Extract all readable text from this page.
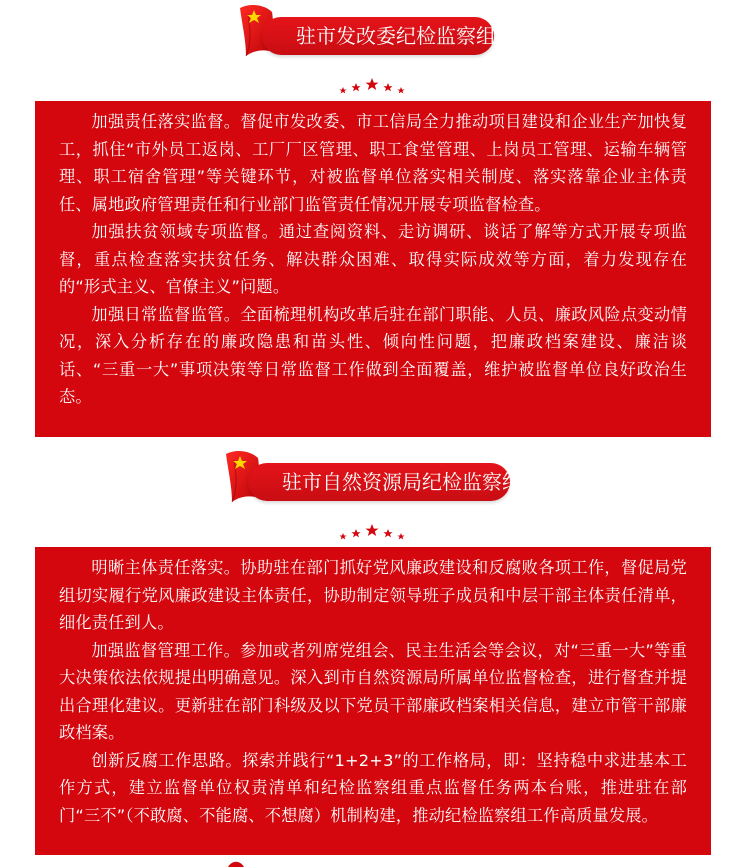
驻市发改委纪检监察组

加强责任落实监督。督促市发改委、市工信局全力推动项目建设和企业生产加快复工，抓住“市外员工返岗、工厂厂区管理、职工食堂管理、上岗员工管理、运输车辆管理、职工宿舍管理”等关键环节，对被监督单位落实相关制度、落实落靠企业主体责任、属地政府管理责任和行业部门监管责任情况开展专项监督检查。

加强扶贫领域专项监督。通过查阅资料、走访调研、谈话了解等方式开展专项监督，重点检查落实扶贫任务、解决群众困难、取得实际成效等方面，着力发现存在的“形式主义、官僚主义”问题。

加强日常监督监管。全面梳理机构改革后驻在部门职能、人员、廉政风险点变动情况，深入分析存在的廉政隐患和苗头性、倾向性问题，把廉政档案建设、廉洁谈话、“三重一大”事项决策等日常监督工作做到全面覆盖，维护被监督单位良好政治生态。

驻市自然资源局纪检监察组

明晰主体责任落实。协助驻在部门抓好党风廉政建设和反腐败各项工作，督促局党组切实履行党风廉政建设主体责任，协助制定领导班子成员和中层干部主体责任清单，细化责任到人。

加强监督管理工作。参加或者列席党组会、民主生活会等会议，对“三重一大”等重大决策依法依规提出明确意见。深入到市自然资源局所属单位监督检查，进行督查并提出合理化建议。更新驻在部门科级及以下党员干部廉政档案相关信息，建立市管干部廉政档案。

创新反腐工作思路。探索并践行“1+2+3”的工作格局，即：坚持稳中求进基本工作方式，建立监督单位权责清单和纪检监察组重点监督任务两本台账，推进驻在部门“三不”（不敢腐、不能腐、不想腐）机制构建，推动纪检监察组工作高质量发展。
